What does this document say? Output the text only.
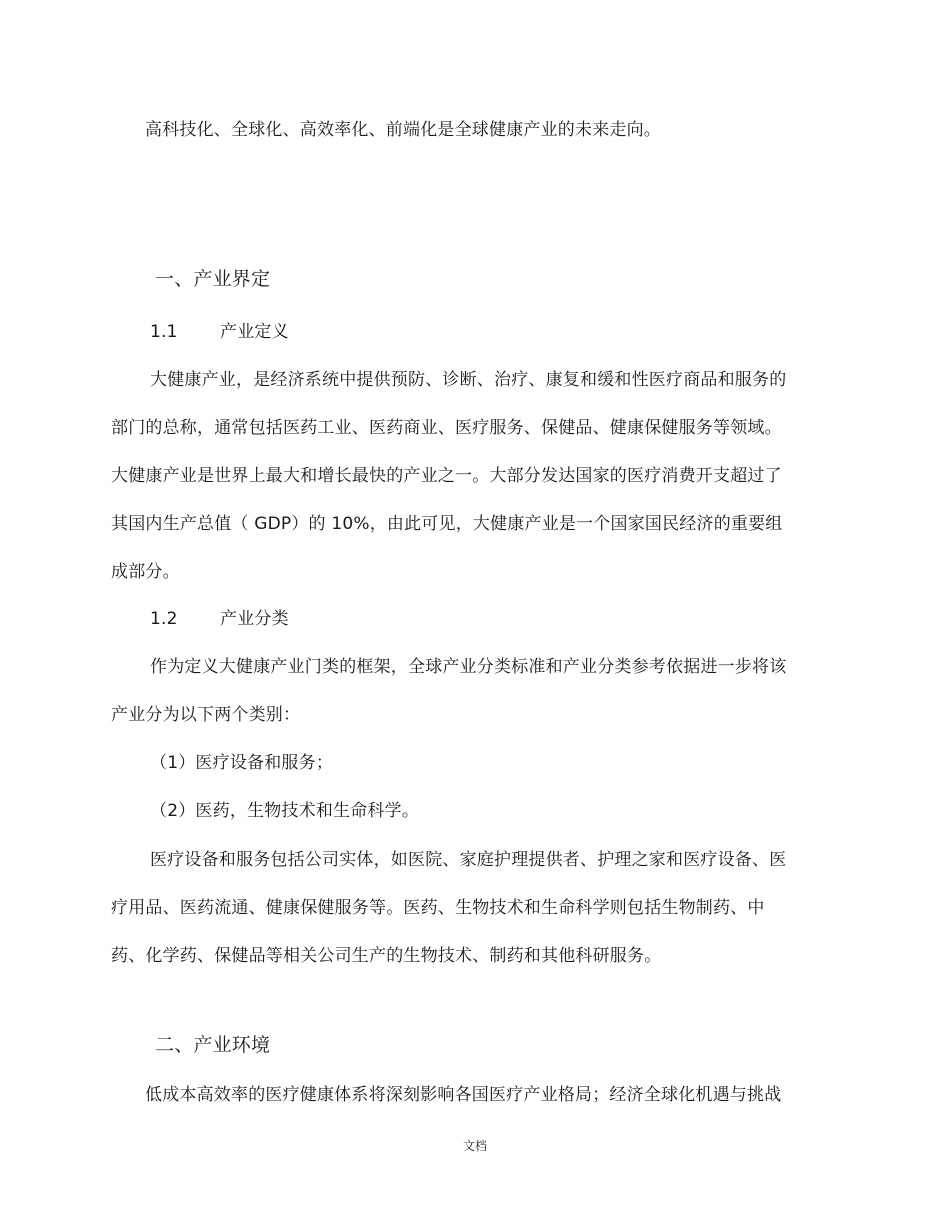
高科技化、全球化、高效率化、前端化是全球健康产业的未来走向。
一、产业界定
1.1 产业定义
大健康产业，是经济系统中提供预防、诊断、治疗、康复和缓和性医疗商品和服务的
部门的总称，通常包括医药工业、医药商业、医疗服务、保健品、健康保健服务等领域。
大健康产业是世界上最大和增长最快的产业之一。大部分发达国家的医疗消费开支超过了
其国内生产总值（ GDP）的 10%，由此可见，大健康产业是一个国家国民经济的重要组
成部分。
1.2 产业分类
作为定义大健康产业门类的框架，全球产业分类标准和产业分类参考依据进一步将该
产业分为以下两个类别：
（1）医疗设备和服务；
（2）医药，生物技术和生命科学。
医疗设备和服务包括公司实体，如医院、家庭护理提供者、护理之家和医疗设备、医
疗用品、医药流通、健康保健服务等。医药、生物技术和生命科学则包括生物制药、中
药、化学药、保健品等相关公司生产的生物技术、制药和其他科研服务。
二、产业环境
低成本高效率的医疗健康体系将深刻影响各国医疗产业格局；经济全球化机遇与挑战
文档
